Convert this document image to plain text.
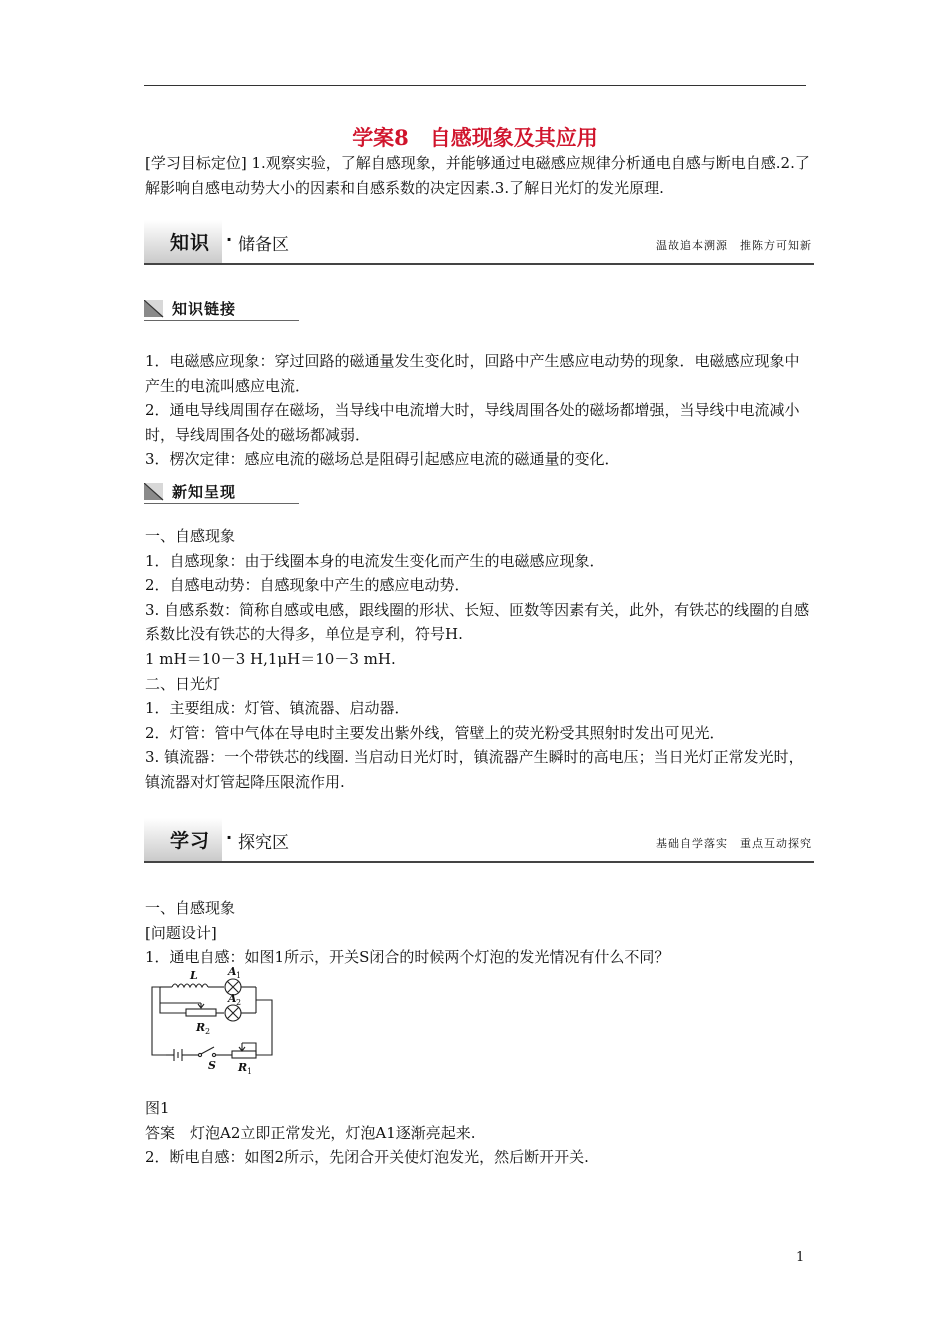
学案8　自感现象及其应用
[学习目标定位] 1.观察实验，了解自感现象，并能够通过电磁感应规律分析通电自感与断电自感.2.了解影响自感电动势大小的因素和自感系数的决定因素.3.了解日光灯的发光原理.
知识 · 储备区	温故追本溯源　推陈方可知新
知识链接
1．电磁感应现象：穿过回路的磁通量发生变化时，回路中产生感应电动势的现象．电磁感应现象中产生的电流叫感应电流．
2．通电导线周围存在磁场，当导线中电流增大时，导线周围各处的磁场都增强，当导线中电流减小时，导线周围各处的磁场都减弱．
3．楞次定律：感应电流的磁场总是阻碍引起感应电流的磁通量的变化．
新知呈现
一、自感现象
1．自感现象：由于线圈本身的电流发生变化而产生的电磁感应现象．
2．自感电动势：自感现象中产生的感应电动势．
3. 自感系数：简称自感或电感，跟线圈的形状、长短、匝数等因素有关，此外，有铁芯的线圈的自感系数比没有铁芯的大得多，单位是亨利，符号H.
1 mH＝10－3 H,1μH＝10－3 mH.
二、日光灯
1．主要组成：灯管、镇流器、启动器．
2．灯管：管中气体在导电时主要发出紫外线，管壁上的荧光粉受其照射时发出可见光．
3. 镇流器：一个带铁芯的线圈. 当启动日光灯时，镇流器产生瞬时的高电压；当日光灯正常发光时，镇流器对灯管起降压限流作用.
学习 · 探究区	基础自学落实　重点互动探究
一、自感现象
[问题设计]
1．通电自感：如图1所示，开关S闭合的时候两个灯泡的发光情况有什么不同？
L	A
A
R
S R
1
2
2
1
图1
答案　灯泡A2立即正常发光，灯泡A1逐渐亮起来.
2．断电自感：如图2所示，先闭合开关使灯泡发光，然后断开开关.
1
